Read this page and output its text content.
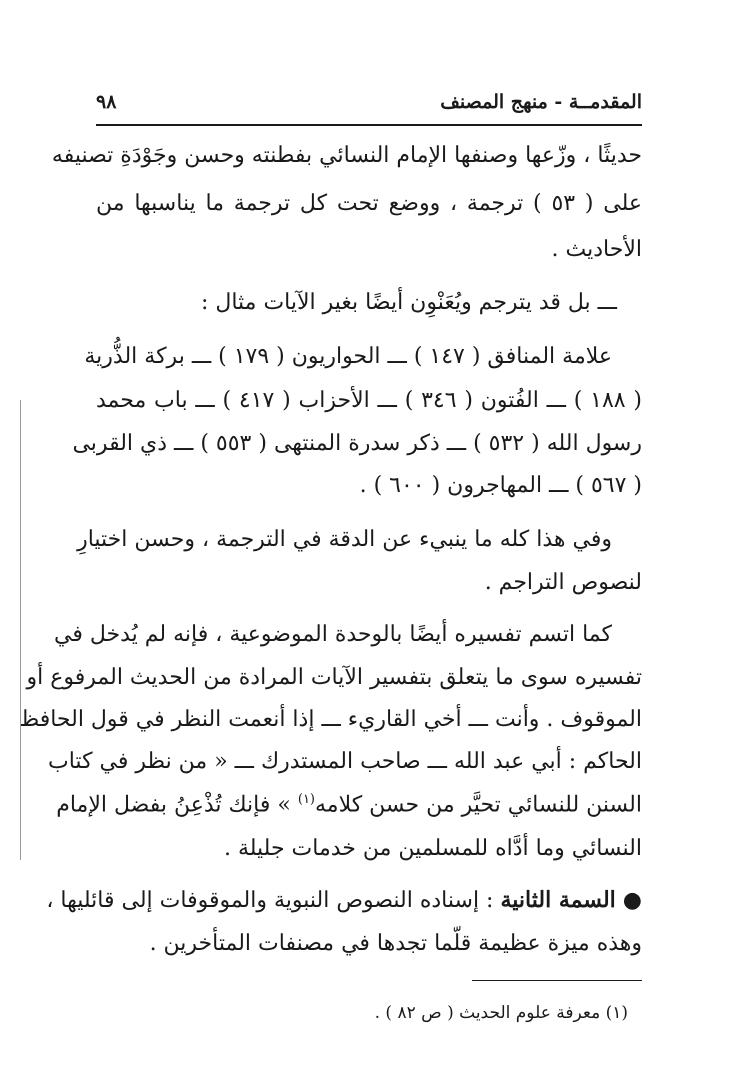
المقدمــة - منهج المصنف
٩٨
حديثًا ، وزّعها وصنفها الإمام النسائي بفطنته وحسن وجَوْدَةِ تصنيفه
على ( ٥٣ ) ترجمة ، ووضع تحت كل ترجمة ما يناسبها من
الأحاديث .
ـــ بل قد يترجم ويُعَنْوِن أيضًا بغير الآيات مثال :
علامة المنافق ( ١٤٧ ) ـــ الحواريون ( ١٧٩ ) ـــ بركة الذُّرية
( ١٨٨ ) ـــ الفُتون ( ٣٤٦ ) ـــ الأحزاب ( ٤١٧ ) ـــ باب محمد
رسول الله ( ٥٣٢ ) ـــ ذكر سدرة المنتهى ( ٥٥٣ ) ـــ ذي القربى
( ٥٦٧ ) ـــ المهاجرون ( ٦٠٠ ) .
وفي هذا كله ما ينبيء عن الدقة في الترجمة ، وحسن اختيارِ
لنصوص التراجم .
كما اتسم تفسيره أيضًا بالوحدة الموضوعية ، فإنه لم يُدخل في
تفسيره سوى ما يتعلق بتفسير الآيات المرادة من الحديث المرفوع أو
الموقوف . وأنت ـــ أخي القاريء ـــ إذا أنعمت النظر في قول الحافظ
الحاكم : أبي عبد الله ـــ صاحب المستدرك ـــ « من نظر في كتاب
السنن للنسائي تحيَّر من حسن كلامه$^{(١)}$ » فإنك تُذْعِنُ بفضل الإمام
النسائي وما أدَّاه للمسلمين من خدمات جليلة .
● السمة الثانية : إسناده النصوص النبوية والموقوفات إلى قائليها ،
وهذه ميزة عظيمة قلّما تجدها في مصنفات المتأخرين .
(١) معرفة علوم الحديث ( ص ٨٢ ) .
